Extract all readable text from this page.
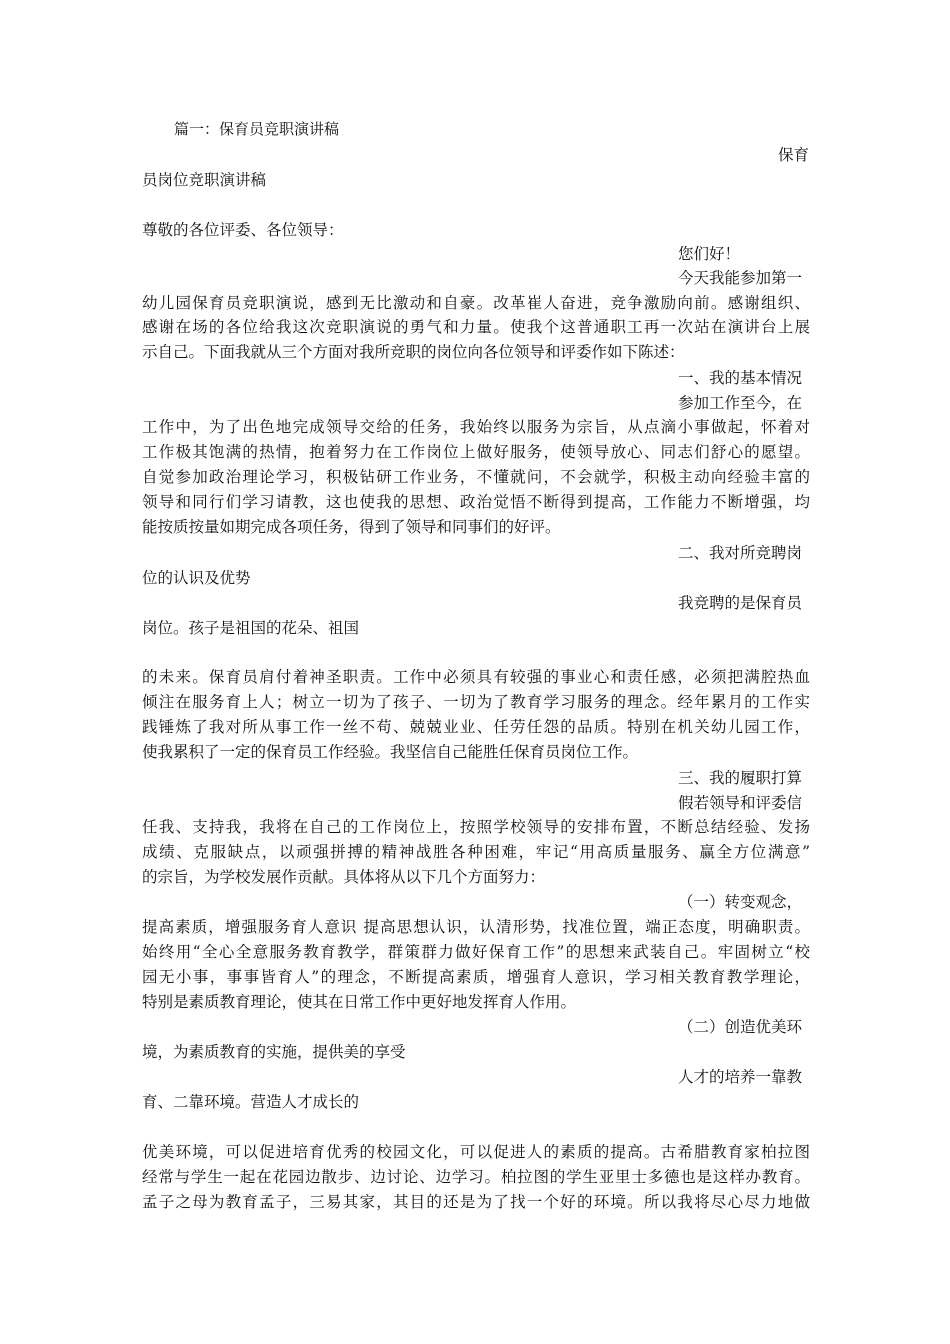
篇一：保育员竞职演讲稿
保育
员岗位竞职演讲稿
尊敬的各位评委、各位领导：
您们好！
今天我能参加第一
幼儿园保育员竞职演说，感到无比激动和自豪。改革崔人奋进，竞争激励向前。感谢组织、
感谢在场的各位给我这次竞职演说的勇气和力量。使我个这普通职工再一次站在演讲台上展
示自己。下面我就从三个方面对我所竞职的岗位向各位领导和评委作如下陈述：
一、我的基本情况
参加工作至今，在
工作中，为了出色地完成领导交给的任务，我始终以服务为宗旨，从点滴小事做起，怀着对
工作极其饱满的热情，抱着努力在工作岗位上做好服务，使领导放心、同志们舒心的愿望。
自觉参加政治理论学习，积极钻研工作业务，不懂就问，不会就学，积极主动向经验丰富的
领导和同行们学习请教，这也使我的思想、政治觉悟不断得到提高，工作能力不断增强，均
能按质按量如期完成各项任务，得到了领导和同事们的好评。
二、我对所竞聘岗
位的认识及优势
我竞聘的是保育员
岗位。孩子是祖国的花朵、祖国
的未来。保育员肩付着神圣职责。工作中必须具有较强的事业心和责任感，必须把满腔热血
倾注在服务育上人；树立一切为了孩子、一切为了教育学习服务的理念。经年累月的工作实
践锤炼了我对所从事工作一丝不苟、兢兢业业、任劳任怨的品质。特别在机关幼儿园工作，
使我累积了一定的保育员工作经验。我坚信自己能胜任保育员岗位工作。
三、我的履职打算
假若领导和评委信
任我、支持我，我将在自己的工作岗位上，按照学校领导的安排布置，不断总结经验、发扬
成绩、克服缺点，以顽强拼搏的精神战胜各种困难，牢记“用高质量服务、赢全方位满意”
的宗旨，为学校发展作贡献。具体将从以下几个方面努力：
（一）转变观念，
提高素质，增强服务育人意识 提高思想认识，认清形势，找准位置，端正态度，明确职责。
始终用“全心全意服务教育教学，群策群力做好保育工作”的思想来武装自己。牢固树立“校
园无小事，事事皆育人”的理念，不断提高素质，增强育人意识，学习相关教育教学理论，
特别是素质教育理论，使其在日常工作中更好地发挥育人作用。
（二）创造优美环
境，为素质教育的实施，提供美的享受
人才的培养一靠教
育、二靠环境。营造人才成长的
优美环境，可以促进培育优秀的校园文化，可以促进人的素质的提高。古希腊教育家柏拉图
经常与学生一起在花园边散步、边讨论、边学习。柏拉图的学生亚里士多德也是这样办教育。
孟子之母为教育孟子，三易其家，其目的还是为了找一个好的环境。所以我将尽心尽力地做
